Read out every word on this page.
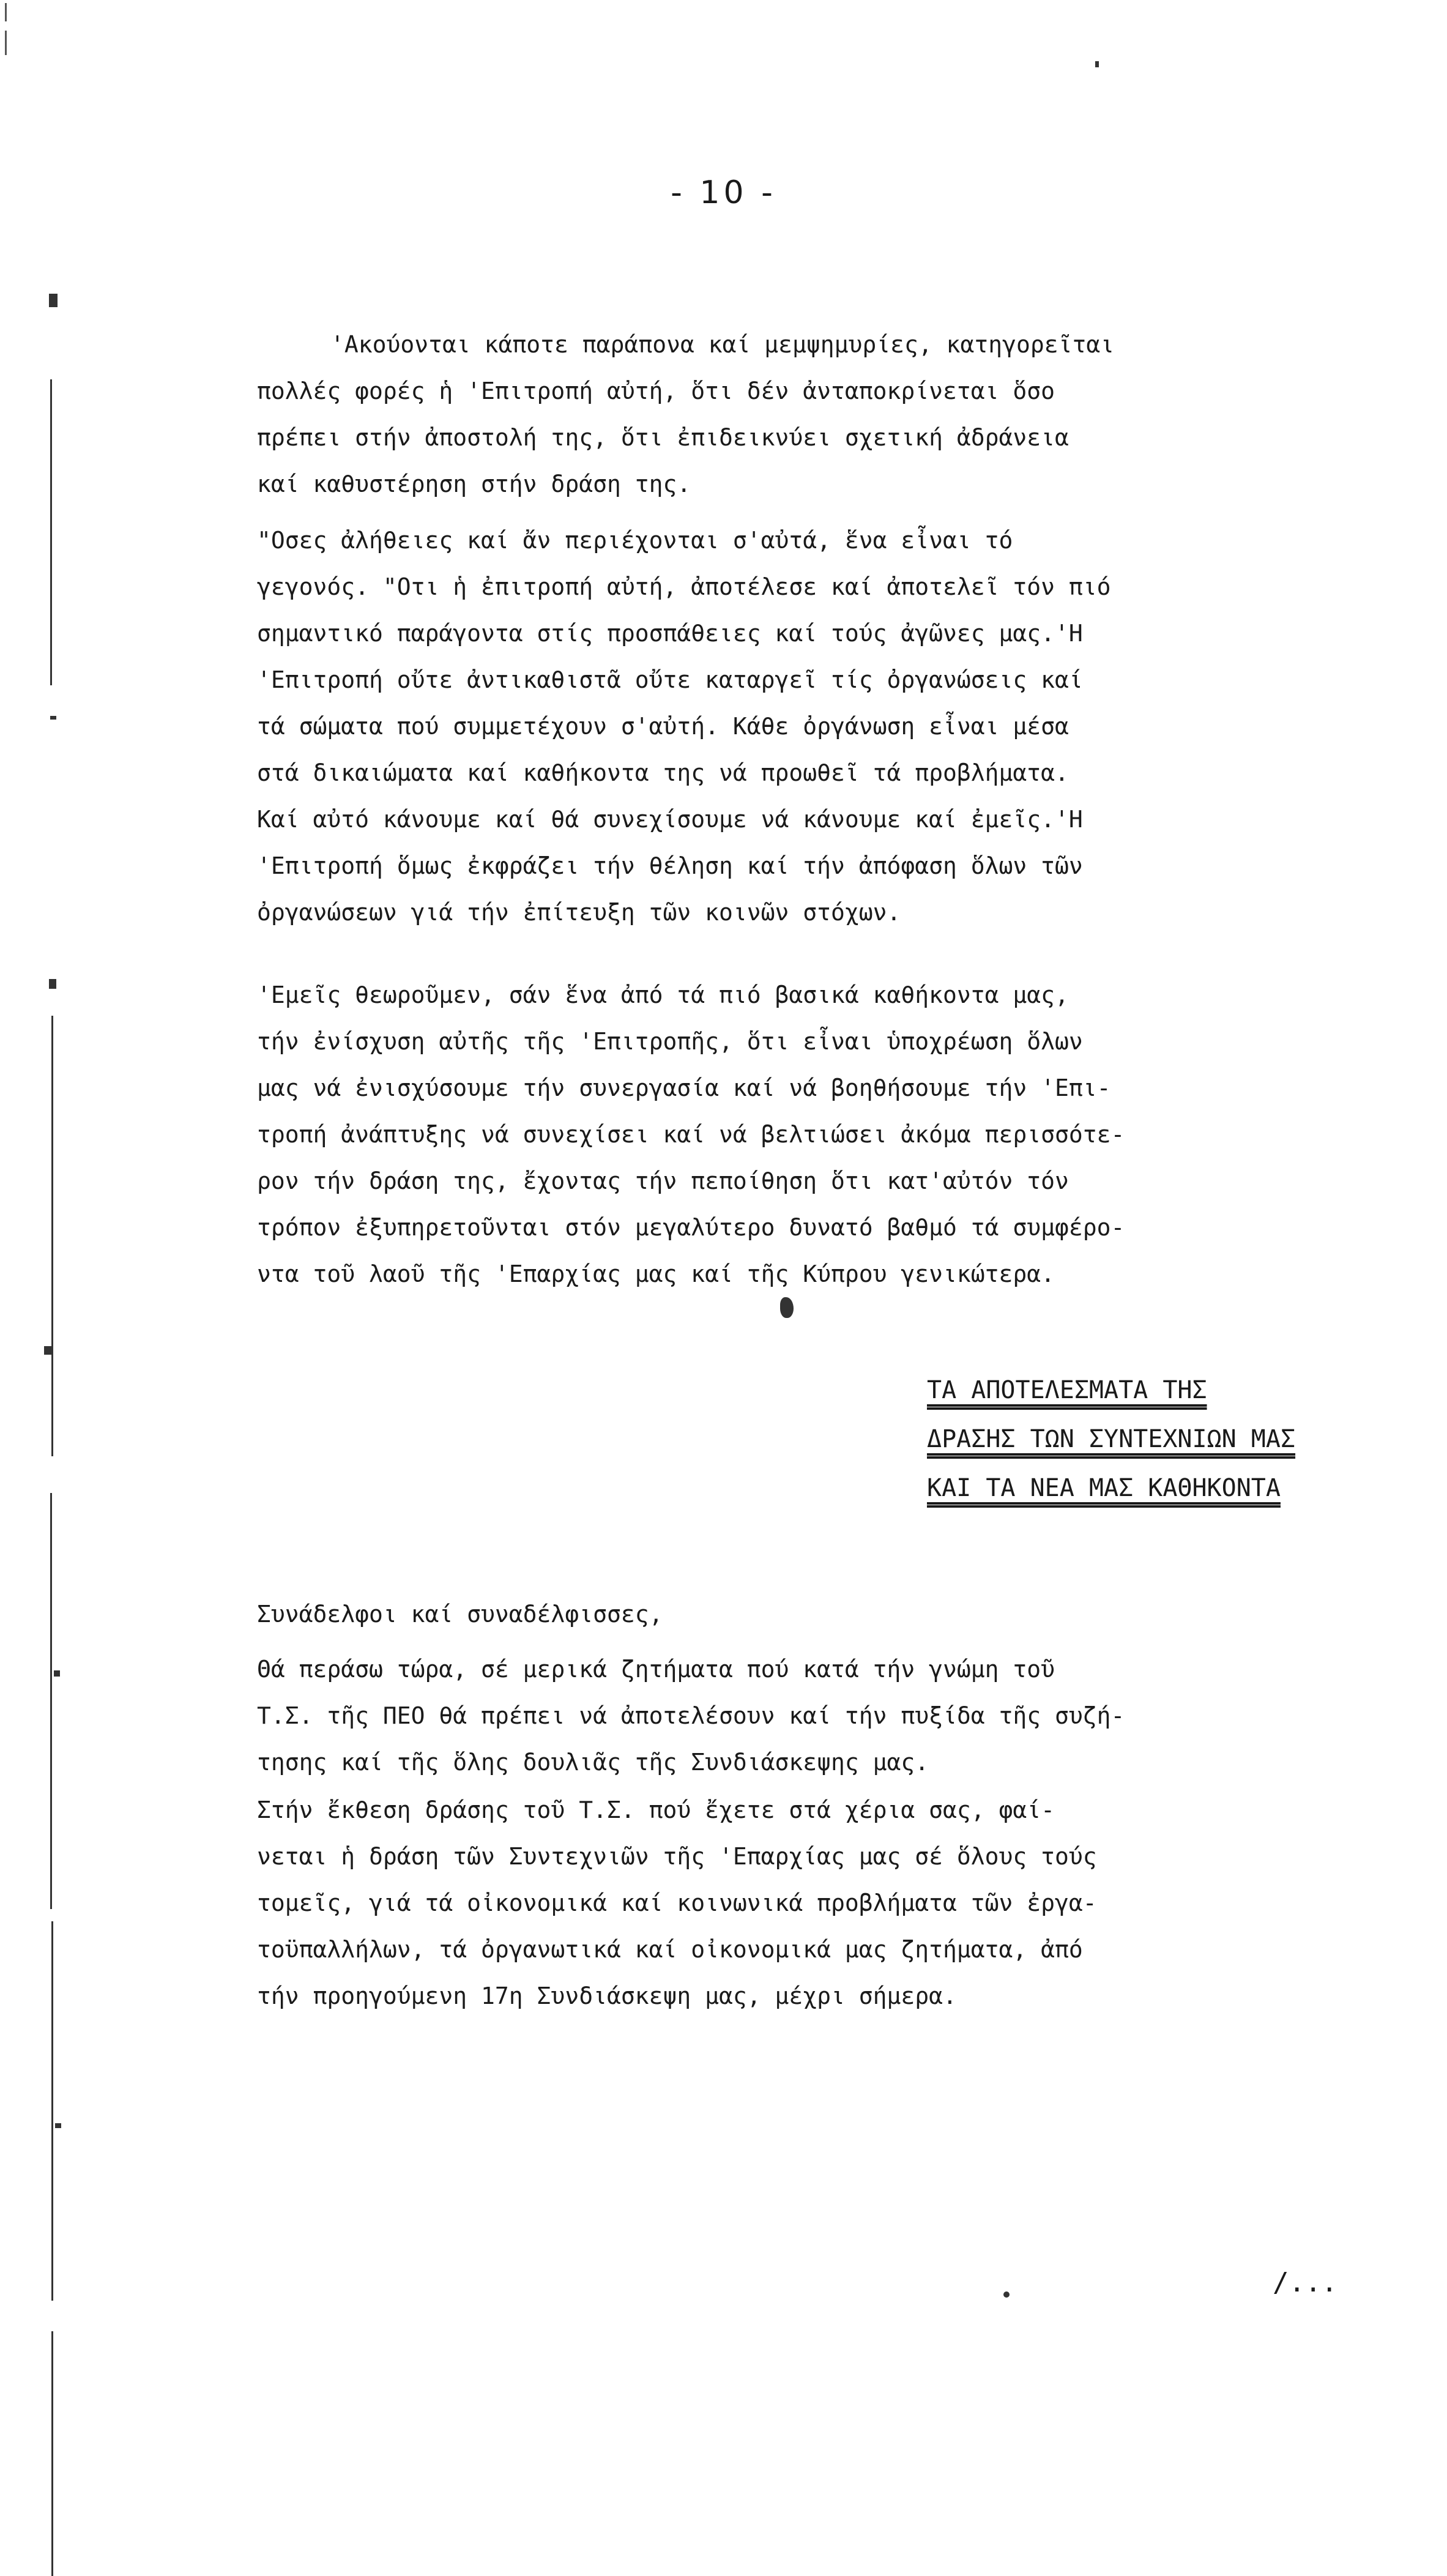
- 10 -
'Ακούονται κάποτε παράπονα καί μεμψημυρίες, κατηγορεῖται
πολλές φορές ἡ 'Επιτροπή αὐτή, ὅτι δέν ἀνταποκρίνεται ὅσο
πρέπει στήν ἀποστολή της, ὅτι ἐπιδεικνύει σχετική ἀδράνεια
καί καθυστέρηση στήν δράση της.
"Οσες ἀλήθειες καί ἄν περιέχονται σ'αὐτά, ἕνα εἶναι τό
γεγονός. "Οτι ἡ ἐπιτροπή αὐτή, ἀποτέλεσε καί ἀποτελεῖ τόν πιό
σημαντικό παράγοντα στίς προσπάθειες καί τούς ἀγῶνες μας.'Η
'Επιτροπή οὔτε ἀντικαθιστᾶ οὔτε καταργεῖ τίς ὀργανώσεις καί
τά σώματα πού συμμετέχουν σ'αὐτή. Κάθε ὀργάνωση εἶναι μέσα
στά δικαιώματα καί καθήκοντα της νά προωθεῖ τά προβλήματα.
Καί αὐτό κάνουμε καί θά συνεχίσουμε νά κάνουμε καί ἐμεῖς.'Η
'Επιτροπή ὅμως ἐκφράζει τήν θέληση καί τήν ἀπόφαση ὅλων τῶν
ὀργανώσεων γιά τήν ἐπίτευξη τῶν κοινῶν στόχων.
'Εμεῖς θεωροῦμεν, σάν ἕνα ἀπό τά πιό βασικά καθήκοντα μας,
τήν ἐνίσχυση αὐτῆς τῆς 'Επιτροπῆς, ὅτι εἶναι ὑποχρέωση ὅλων
μας νά ἐνισχύσουμε τήν συνεργασία καί νά βοηθήσουμε τήν 'Επι-
τροπή ἀνάπτυξης νά συνεχίσει καί νά βελτιώσει ἀκόμα περισσότε-
ρον τήν δράση της, ἔχοντας τήν πεποίθηση ὅτι κατ'αὐτόν τόν
τρόπον ἐξυπηρετοῦνται στόν μεγαλύτερο δυνατό βαθμό τά συμφέρο-
ντα τοῦ λαοῦ τῆς 'Επαρχίας μας καί τῆς Κύπρου γενικώτερα.
ΤΑ ΑΠΟΤΕΛΕΣΜΑΤΑ ΤΗΣ
ΔΡΑΣΗΣ ΤΩΝ ΣΥΝΤΕΧΝΙΩΝ ΜΑΣ
ΚΑΙ ΤΑ ΝΕΑ ΜΑΣ ΚΑΘΗΚΟΝΤΑ
Συνάδελφοι καί συναδέλφισσες,
Θά περάσω τώρα, σέ μερικά ζητήματα πού κατά τήν γνώμη τοῦ
Τ.Σ. τῆς ΠΕΟ θά πρέπει νά ἀποτελέσουν καί τήν πυξίδα τῆς συζή-
τησης καί τῆς ὅλης δουλιᾶς τῆς Συνδιάσκεψης μας.
Στήν ἔκθεση δράσης τοῦ Τ.Σ. πού ἔχετε στά χέρια σας, φαί-
νεται ἡ δράση τῶν Συντεχνιῶν τῆς 'Επαρχίας μας σέ ὅλους τούς
τομεῖς, γιά τά οἰκονομικά καί κοινωνικά προβλήματα τῶν ἐργα-
τοϋπαλλήλων, τά ὀργανωτικά καί οἰκονομικά μας ζητήματα, ἀπό
τήν προηγούμενη 17η Συνδιάσκεψη μας, μέχρι σήμερα.
/...
